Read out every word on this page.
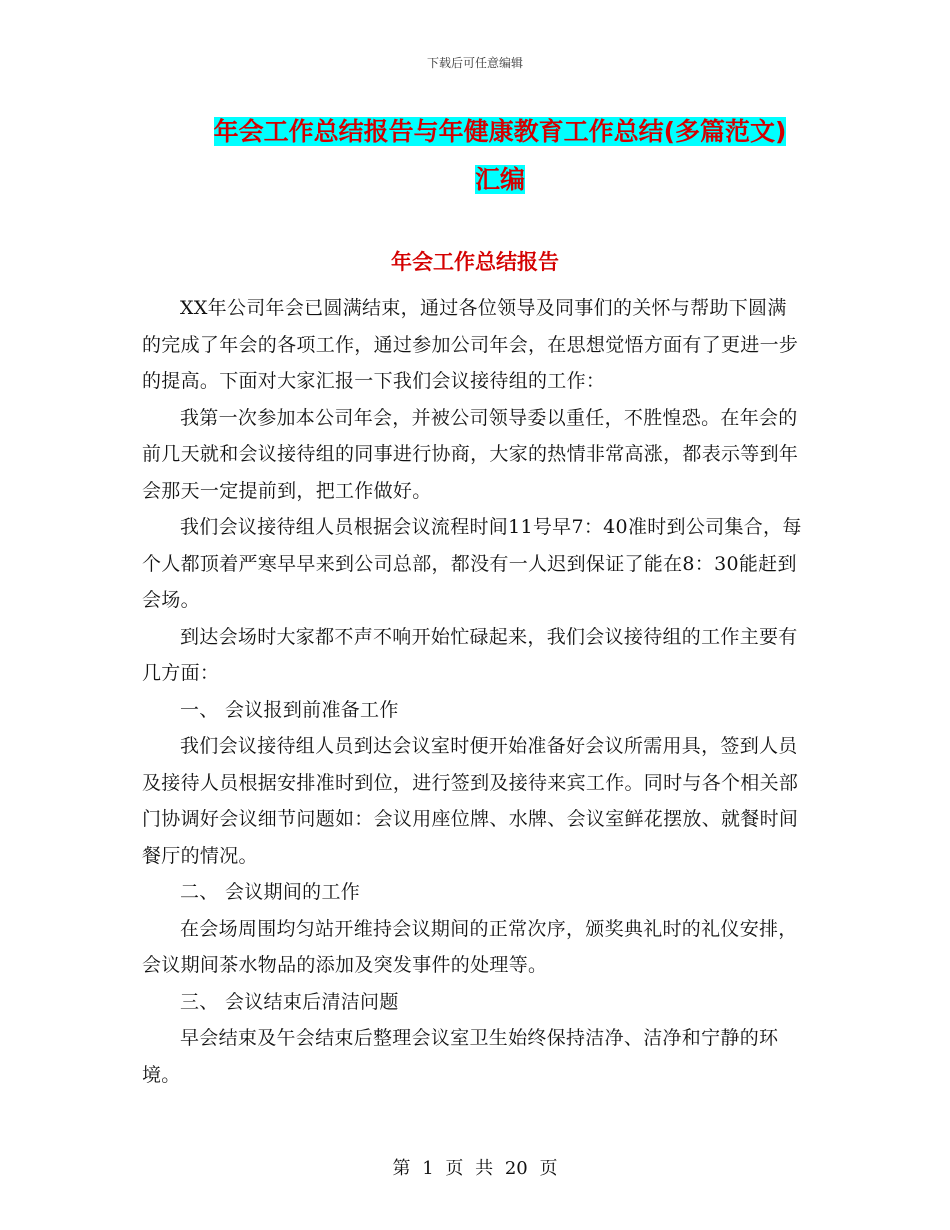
下载后可任意编辑
年会工作总结报告与年健康教育工作总结(多篇范文)
汇编
年会工作总结报告

XX年公司年会已圆满结束，通过各位领导及同事们的关怀与帮助下圆满的完成了年会的各项工作，通过参加公司年会，在思想觉悟方面有了更进一步的提高。下面对大家汇报一下我们会议接待组的工作：

我第一次参加本公司年会，并被公司领导委以重任，不胜惶恐。在年会的前几天就和会议接待组的同事进行协商，大家的热情非常高涨，都表示等到年会那天一定提前到，把工作做好。

我们会议接待组人员根据会议流程时间11号早7：40准时到公司集合，每个人都顶着严寒早早来到公司总部，都没有一人迟到保证了能在8：30能赶到会场。

到达会场时大家都不声不响开始忙碌起来，我们会议接待组的工作主要有几方面：

一、 会议报到前准备工作

我们会议接待组人员到达会议室时便开始准备好会议所需用具，签到人员及接待人员根据安排准时到位，进行签到及接待来宾工作。同时与各个相关部门协调好会议细节问题如：会议用座位牌、水牌、会议室鲜花摆放、就餐时间餐厅的情况。

二、 会议期间的工作

在会场周围均匀站开维持会议期间的正常次序，颁奖典礼时的礼仪安排，会议期间茶水物品的添加及突发事件的处理等。

三、 会议结束后清洁问题

早会结束及午会结束后整理会议室卫生始终保持洁净、洁净和宁静的环境。

第 1 页 共 20 页
